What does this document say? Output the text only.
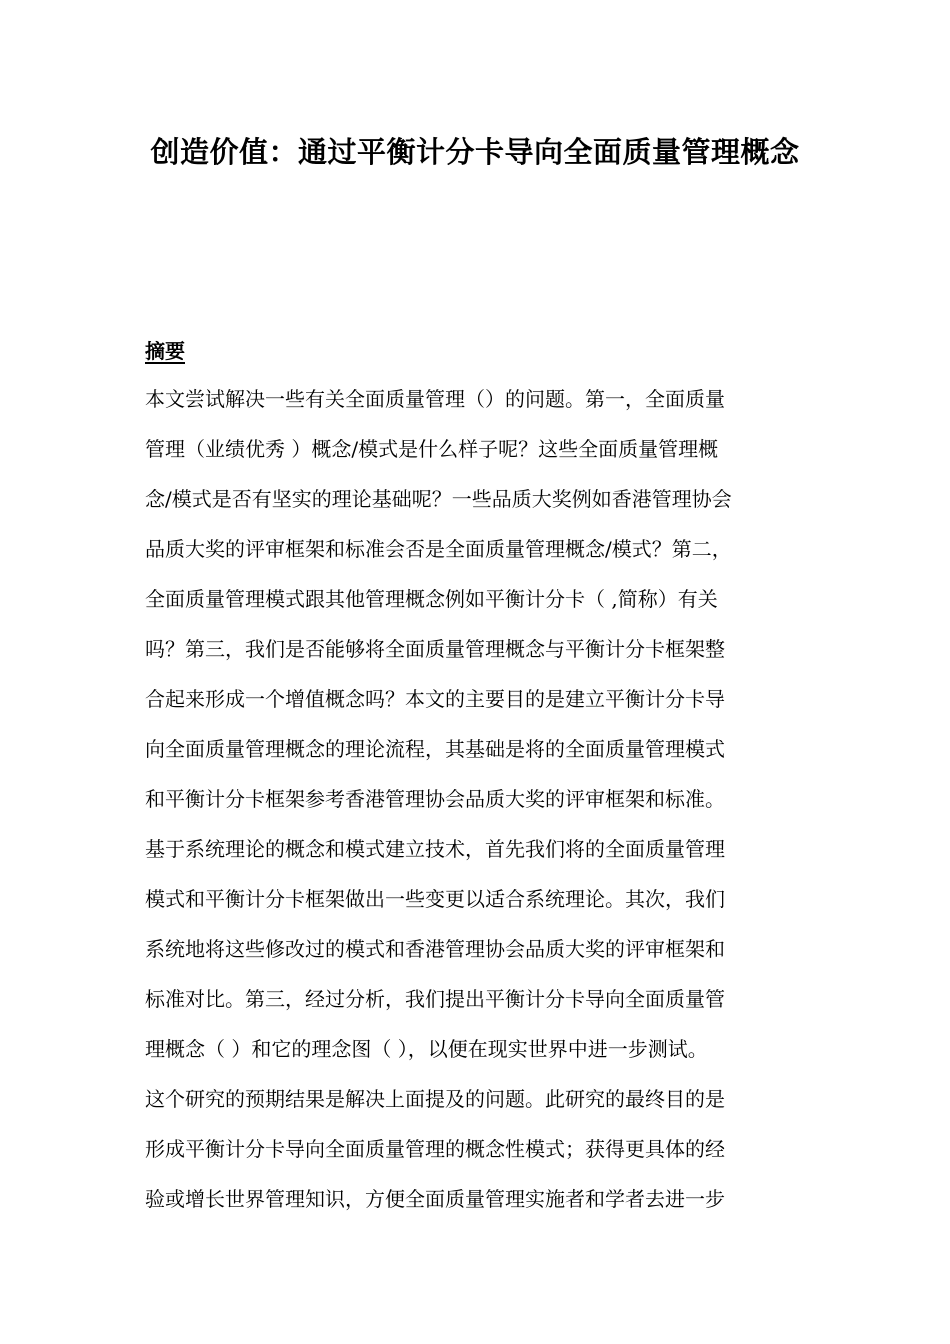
创造价值：通过平衡计分卡导向全面质量管理概念
摘要
本文尝试解决一些有关全面质量管理（）的问题。第一，全面质量
管理（业绩优秀 ）概念/模式是什么样子呢？这些全面质量管理概
念/模式是否有坚实的理论基础呢？一些品质大奖例如香港管理协会
品质大奖的评审框架和标准会否是全面质量管理概念/模式？第二，
全面质量管理模式跟其他管理概念例如平衡计分卡（ ,简称）有关
吗？第三，我们是否能够将全面质量管理概念与平衡计分卡框架整
合起来形成一个增值概念吗？本文的主要目的是建立平衡计分卡导
向全面质量管理概念的理论流程，其基础是将的全面质量管理模式
和平衡计分卡框架参考香港管理协会品质大奖的评审框架和标准。
基于系统理论的概念和模式建立技术，首先我们将的全面质量管理
模式和平衡计分卡框架做出一些变更以适合系统理论。其次，我们
系统地将这些修改过的模式和香港管理协会品质大奖的评审框架和
标准对比。第三，经过分析，我们提出平衡计分卡导向全面质量管
理概念（ ）和它的理念图（ ），以便在现实世界中进一步测试。
这个研究的预期结果是解决上面提及的问题。此研究的最终目的是
形成平衡计分卡导向全面质量管理的概念性模式；获得更具体的经
验或增长世界管理知识，方便全面质量管理实施者和学者去进一步
